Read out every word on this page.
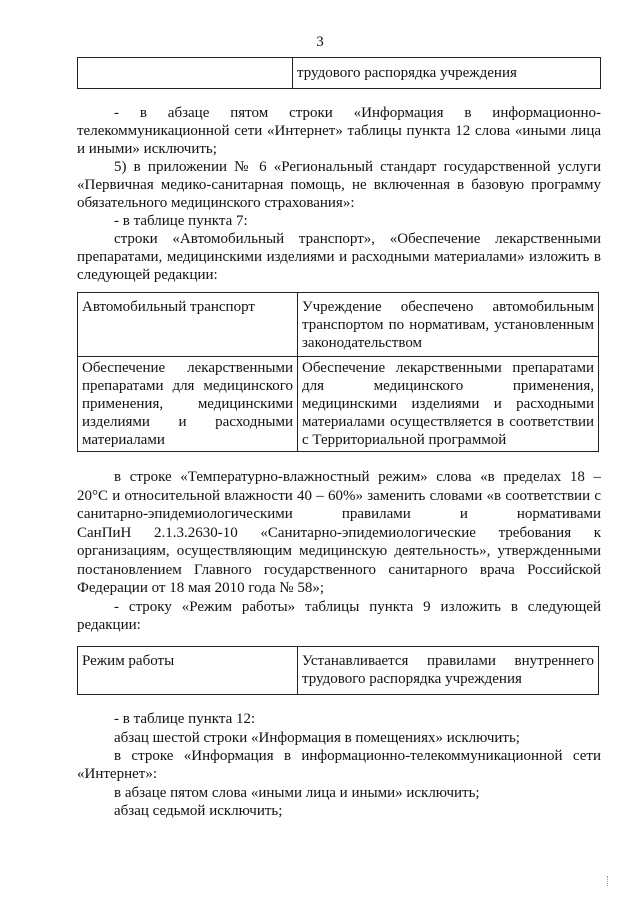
3
	трудового распорядка учреждения

- в абзаце пятом строки «Информация в информационно-

телекоммуникационной сети «Интернет» таблицы пункта 12 слова «иными лица

и иными» исключить;

5) в приложении № 6 «Региональный стандарт государственной услуги

«Первичная медико-санитарная помощь, не включенная в базовую программу

обязательного медицинского страхования»:

- в таблице пункта 7:

строки «Автомобильный транспорт», «Обеспечение лекарственными

препаратами, медицинскими изделиями и расходными материалами» изложить в

следующей редакции:

Автомобильный транспорт	Учреждение обеспечено автомобильным транспортом по нормативам, установленным законодательством
Обеспечение лекарственными препаратами для медицинского применения, медицинскими изделиями и расходными материалами	Обеспечение лекарственными препаратами для медицинского применения, медицинскими изделиями и расходными материалами осуществляется в соответствии с Территориальной программой

в строке «Температурно-влажностный режим» слова «в пределах 18 –

20°C и относительной влажности 40 – 60%» заменить словами «в соответствии с

санитарно-эпидемиологическими правилами и нормативами

СанПиН 2.1.3.2630-10 «Санитарно-эпидемиологические требования к

организациям, осуществляющим медицинскую деятельность», утвержденными

постановлением Главного государственного санитарного врача Российской

Федерации от 18 мая 2010 года № 58»;

- строку «Режим работы» таблицы пункта 9 изложить в следующей

редакции:

Режим работы	Устанавливается правилами внутреннего трудового распорядка учреждения

- в таблице пункта 12:

абзац шестой строки «Информация в помещениях» исключить;

в строке «Информация в информационно-телекоммуникационной сети

«Интернет»:

в абзаце пятом слова «иными лица и иными» исключить;

абзац седьмой исключить;
